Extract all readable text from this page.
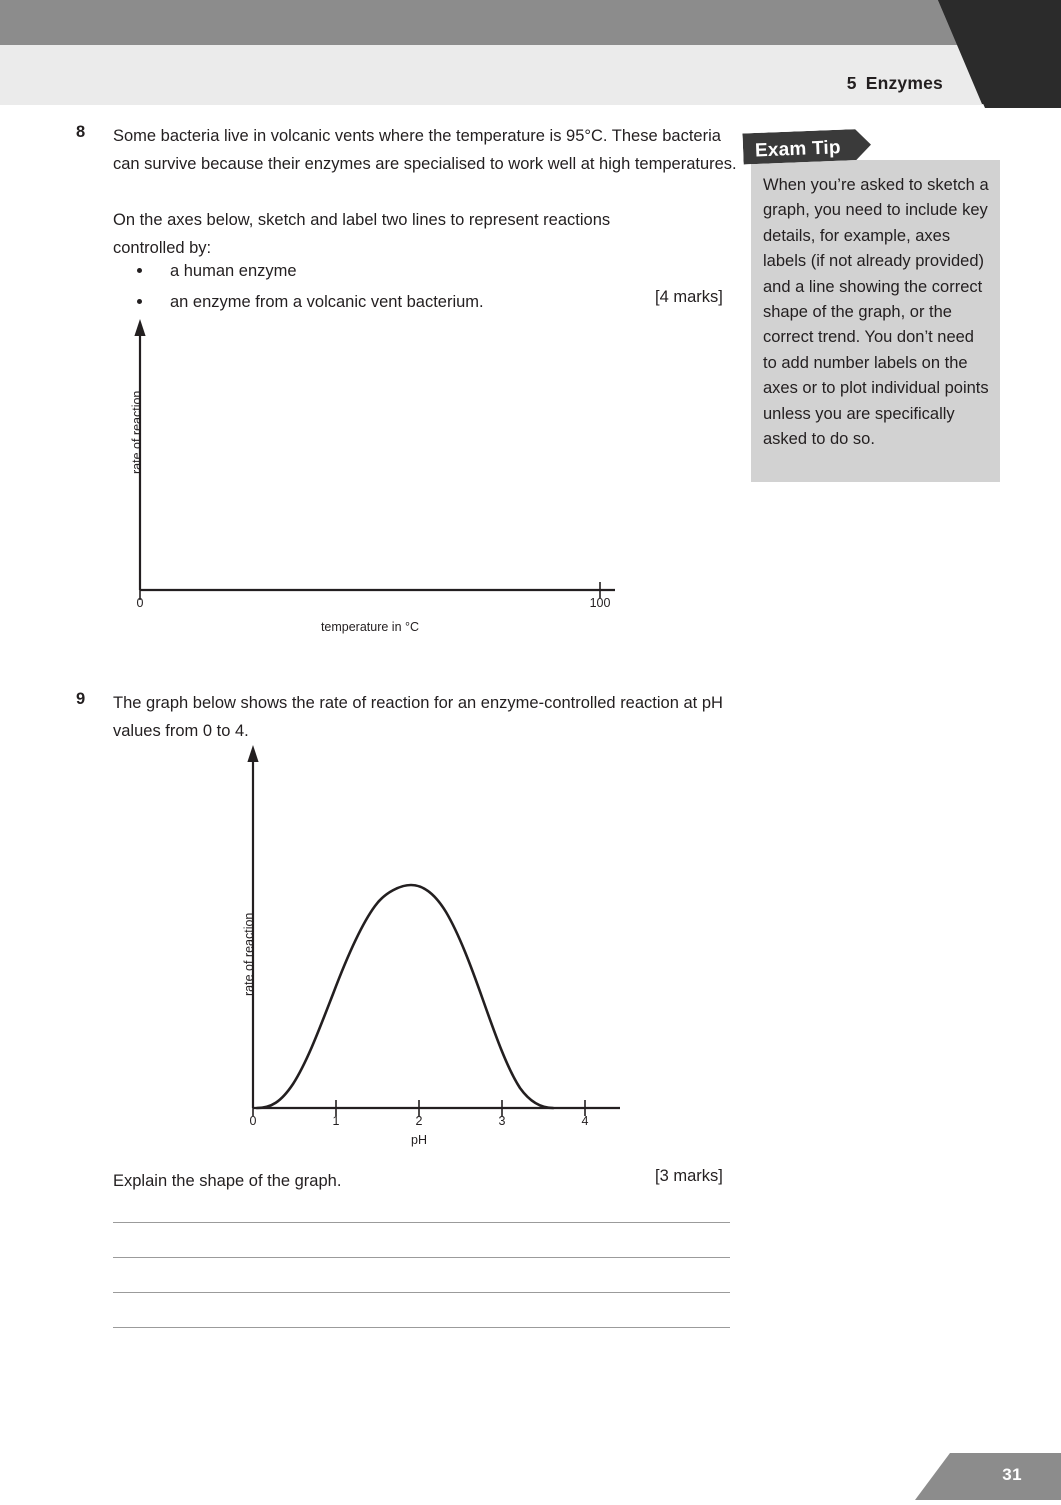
5 Enzymes
8 Some bacteria live in volcanic vents where the temperature is 95°C. These bacteria can survive because their enzymes are specialised to work well at high temperatures.
On the axes below, sketch and label two lines to represent reactions controlled by:
a human enzyme
an enzyme from a volcanic vent bacterium.	[4 marks]
When you’re asked to sketch a graph, you need to include key details, for example, axes labels (if not already provided) and a line showing the correct shape of the graph, or the correct trend. You don’t need to add number labels on the axes or to plot individual points unless you are specifically asked to do so.
Exam Tip
rate of reaction
0	100
temperature in °C
9 The graph below shows the rate of reaction for an enzyme-controlled reaction at pH values from 0 to 4.
rate of reaction
0	1	2	3	4
pH
Explain the shape of the graph.	[3 marks]
31
